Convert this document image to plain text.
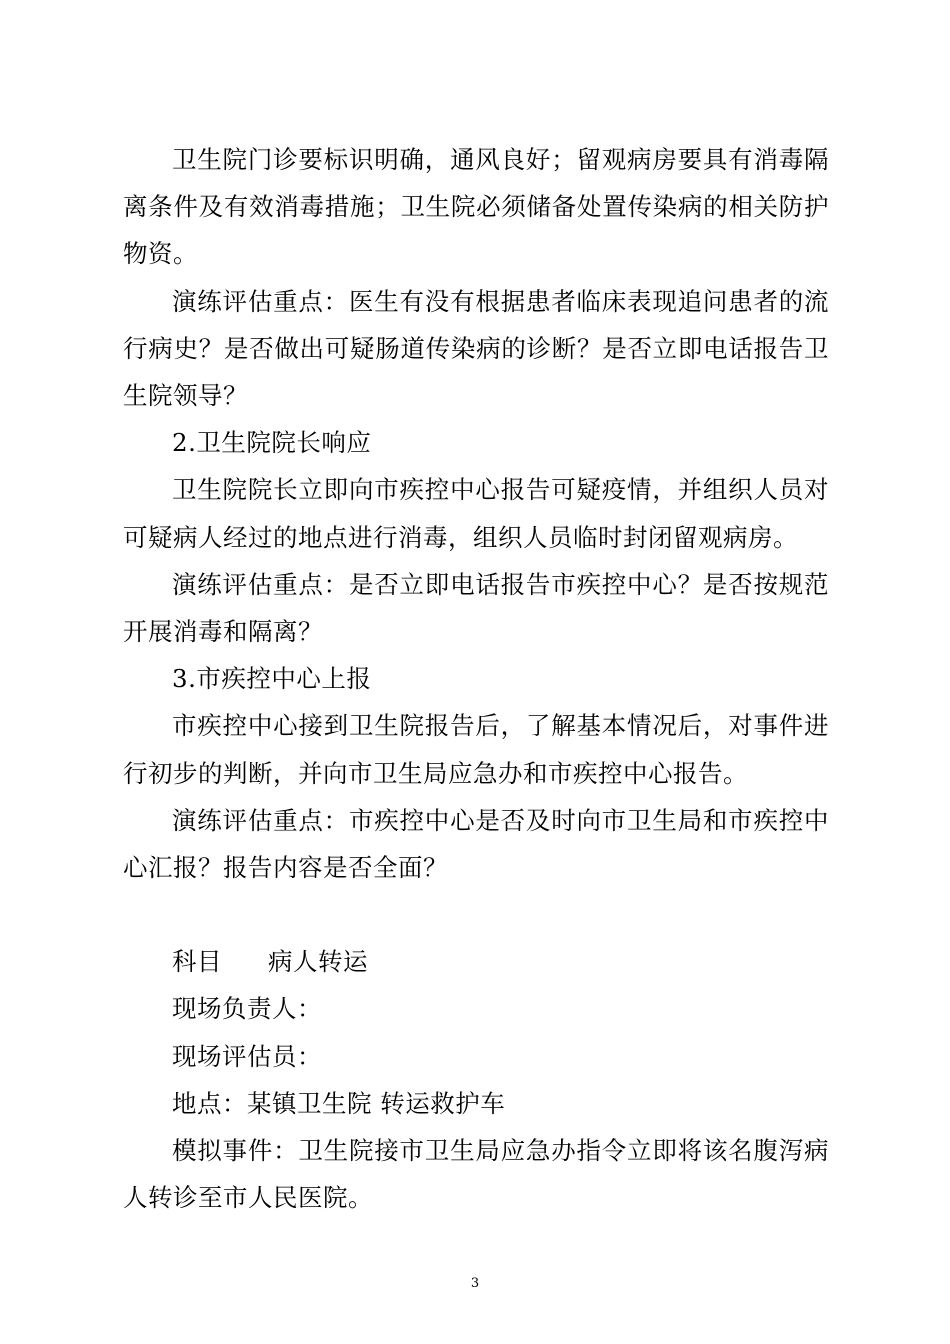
卫生院门诊要标识明确，通风良好；留观病房要具有消毒隔离条件及有效消毒措施；卫生院必须储备处置传染病的相关防护物资。

演练评估重点：医生有没有根据患者临床表现追问患者的流行病史？是否做出可疑肠道传染病的诊断？是否立即电话报告卫生院领导？

2.卫生院院长响应

卫生院院长立即向市疾控中心报告可疑疫情，并组织人员对可疑病人经过的地点进行消毒，组织人员临时封闭留观病房。

演练评估重点：是否立即电话报告市疾控中心？是否按规范开展消毒和隔离？

3.市疾控中心上报

市疾控中心接到卫生院报告后，了解基本情况后，对事件进行初步的判断，并向市卫生局应急办和市疾控中心报告。

演练评估重点：市疾控中心是否及时向市卫生局和市疾控中心汇报？报告内容是否全面？

科目 病人转运

现场负责人：

现场评估员：

地点：某镇卫生院 转运救护车

模拟事件：卫生院接市卫生局应急办指令立即将该名腹泻病人转诊至市人民医院。

3
